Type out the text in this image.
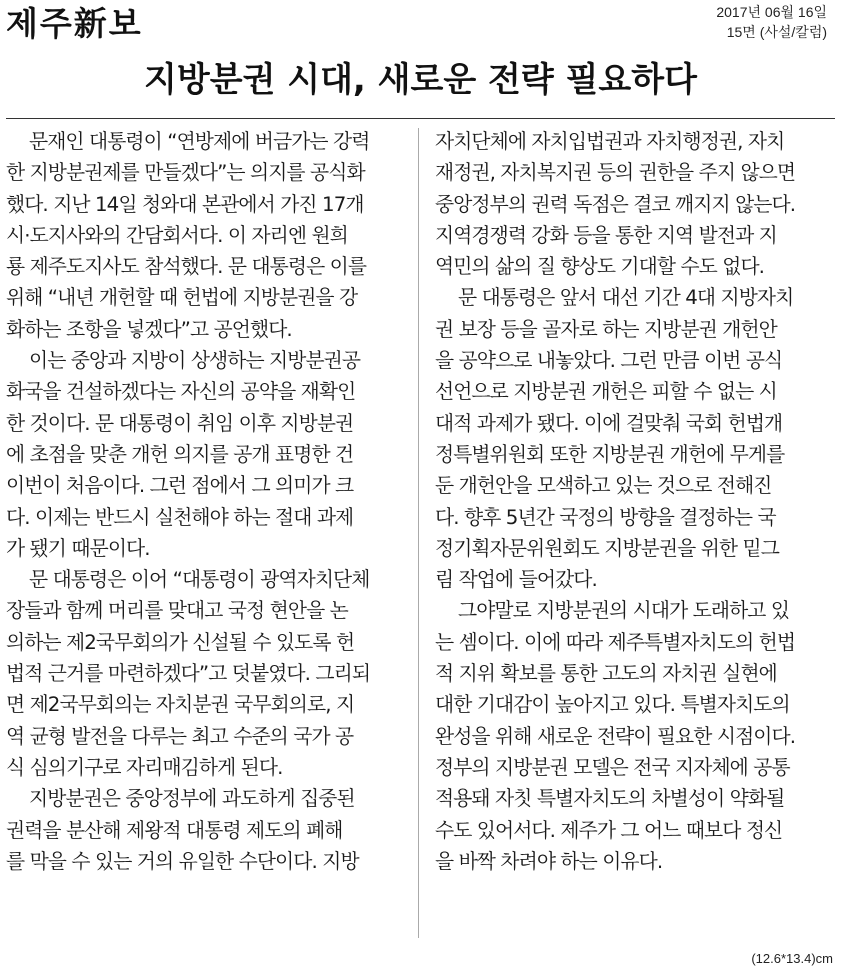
제주新보	2017년 06월 16일
15면 (사설/칼럼)
지방분권 시대, 새로운 전략 필요하다
문재인 대통령이 “연방제에 버금가는 강력
한 지방분권제를 만들겠다”는 의지를 공식화
했다. 지난 14일 청와대 본관에서 가진 17개
시·도지사와의 간담회서다. 이 자리엔 원희
룡 제주도지사도 참석했다. 문 대통령은 이를
위해 “내년 개헌할 때 헌법에 지방분권을 강
화하는 조항을 넣겠다”고 공언했다.
이는 중앙과 지방이 상생하는 지방분권공
화국을 건설하겠다는 자신의 공약을 재확인
한 것이다. 문 대통령이 취임 이후 지방분권
에 초점을 맞춘 개헌 의지를 공개 표명한 건
이번이 처음이다. 그런 점에서 그 의미가 크
다. 이제는 반드시 실천해야 하는 절대 과제
가 됐기 때문이다.
문 대통령은 이어 “대통령이 광역자치단체
장들과 함께 머리를 맞대고 국정 현안을 논
의하는 제2국무회의가 신설될 수 있도록 헌
법적 근거를 마련하겠다”고 덧붙였다. 그리되
면 제2국무회의는 자치분권 국무회의로, 지
역 균형 발전을 다루는 최고 수준의 국가 공
식 심의기구로 자리매김하게 된다.
지방분권은 중앙정부에 과도하게 집중된
권력을 분산해 제왕적 대통령 제도의 폐해
를 막을 수 있는 거의 유일한 수단이다. 지방
자치단체에 자치입법권과 자치행정권, 자치
재정권, 자치복지권 등의 권한을 주지 않으면
중앙정부의 권력 독점은 결코 깨지지 않는다.
지역경쟁력 강화 등을 통한 지역 발전과 지
역민의 삶의 질 향상도 기대할 수도 없다.
문 대통령은 앞서 대선 기간 4대 지방자치
권 보장 등을 골자로 하는 지방분권 개헌안
을 공약으로 내놓았다. 그런 만큼 이번 공식
선언으로 지방분권 개헌은 피할 수 없는 시
대적 과제가 됐다. 이에 걸맞춰 국회 헌법개
정특별위원회 또한 지방분권 개헌에 무게를
둔 개헌안을 모색하고 있는 것으로 전해진
다. 향후 5년간 국정의 방향을 결정하는 국
정기획자문위원회도 지방분권을 위한 밑그
림 작업에 들어갔다.
그야말로 지방분권의 시대가 도래하고 있
는 셈이다. 이에 따라 제주특별자치도의 헌법
적 지위 확보를 통한 고도의 자치권 실현에
대한 기대감이 높아지고 있다. 특별자치도의
완성을 위해 새로운 전략이 필요한 시점이다.
정부의 지방분권 모델은 전국 지자체에 공통
적용돼 자칫 특별자치도의 차별성이 약화될
수도 있어서다. 제주가 그 어느 때보다 정신
을 바짝 차려야 하는 이유다.
(12.6*13.4)cm
